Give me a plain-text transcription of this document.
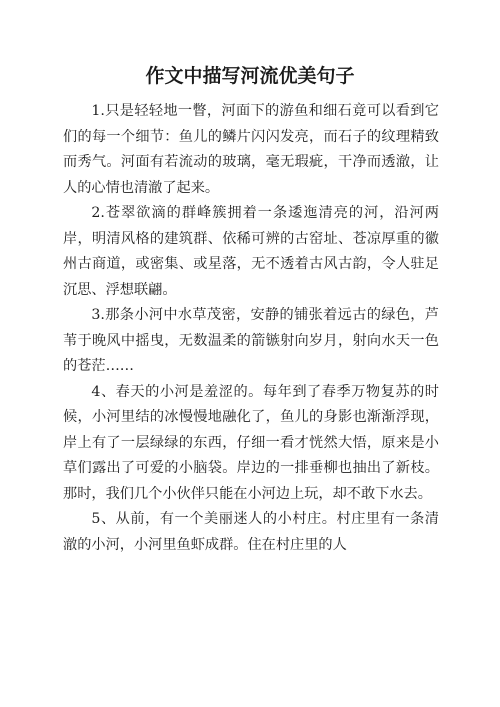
作文中描写河流优美句子

1.只是轻轻地一瞥，河面下的游鱼和细石竟可以看到它们的每一个细节：鱼儿的鳞片闪闪发亮，而石子的纹理精致而秀气。河面有若流动的玻璃，毫无瑕疵，干净而透澈，让人的心情也清澈了起来。

2.苍翠欲滴的群峰簇拥着一条逶迤清亮的河，沿河两岸，明清风格的建筑群、依稀可辨的古窑址、苍凉厚重的徽州古商道，或密集、或星落，无不透着古风古韵，令人驻足沉思、浮想联翩。

3.那条小河中水草茂密，安静的铺张着远古的绿色，芦苇于晚风中摇曳，无数温柔的箭镞射向岁月，射向水天一色的苍茫……

4、春天的小河是羞涩的。每年到了春季万物复苏的时候，小河里结的冰慢慢地融化了，鱼儿的身影也渐渐浮现，岸上有了一层绿绿的东西，仔细一看才恍然大悟，原来是小草们露出了可爱的小脑袋。岸边的一排垂柳也抽出了新枝。那时，我们几个小伙伴只能在小河边上玩，却不敢下水去。

5、从前，有一个美丽迷人的小村庄。村庄里有一条清澈的小河，小河里鱼虾成群。住在村庄里的人
